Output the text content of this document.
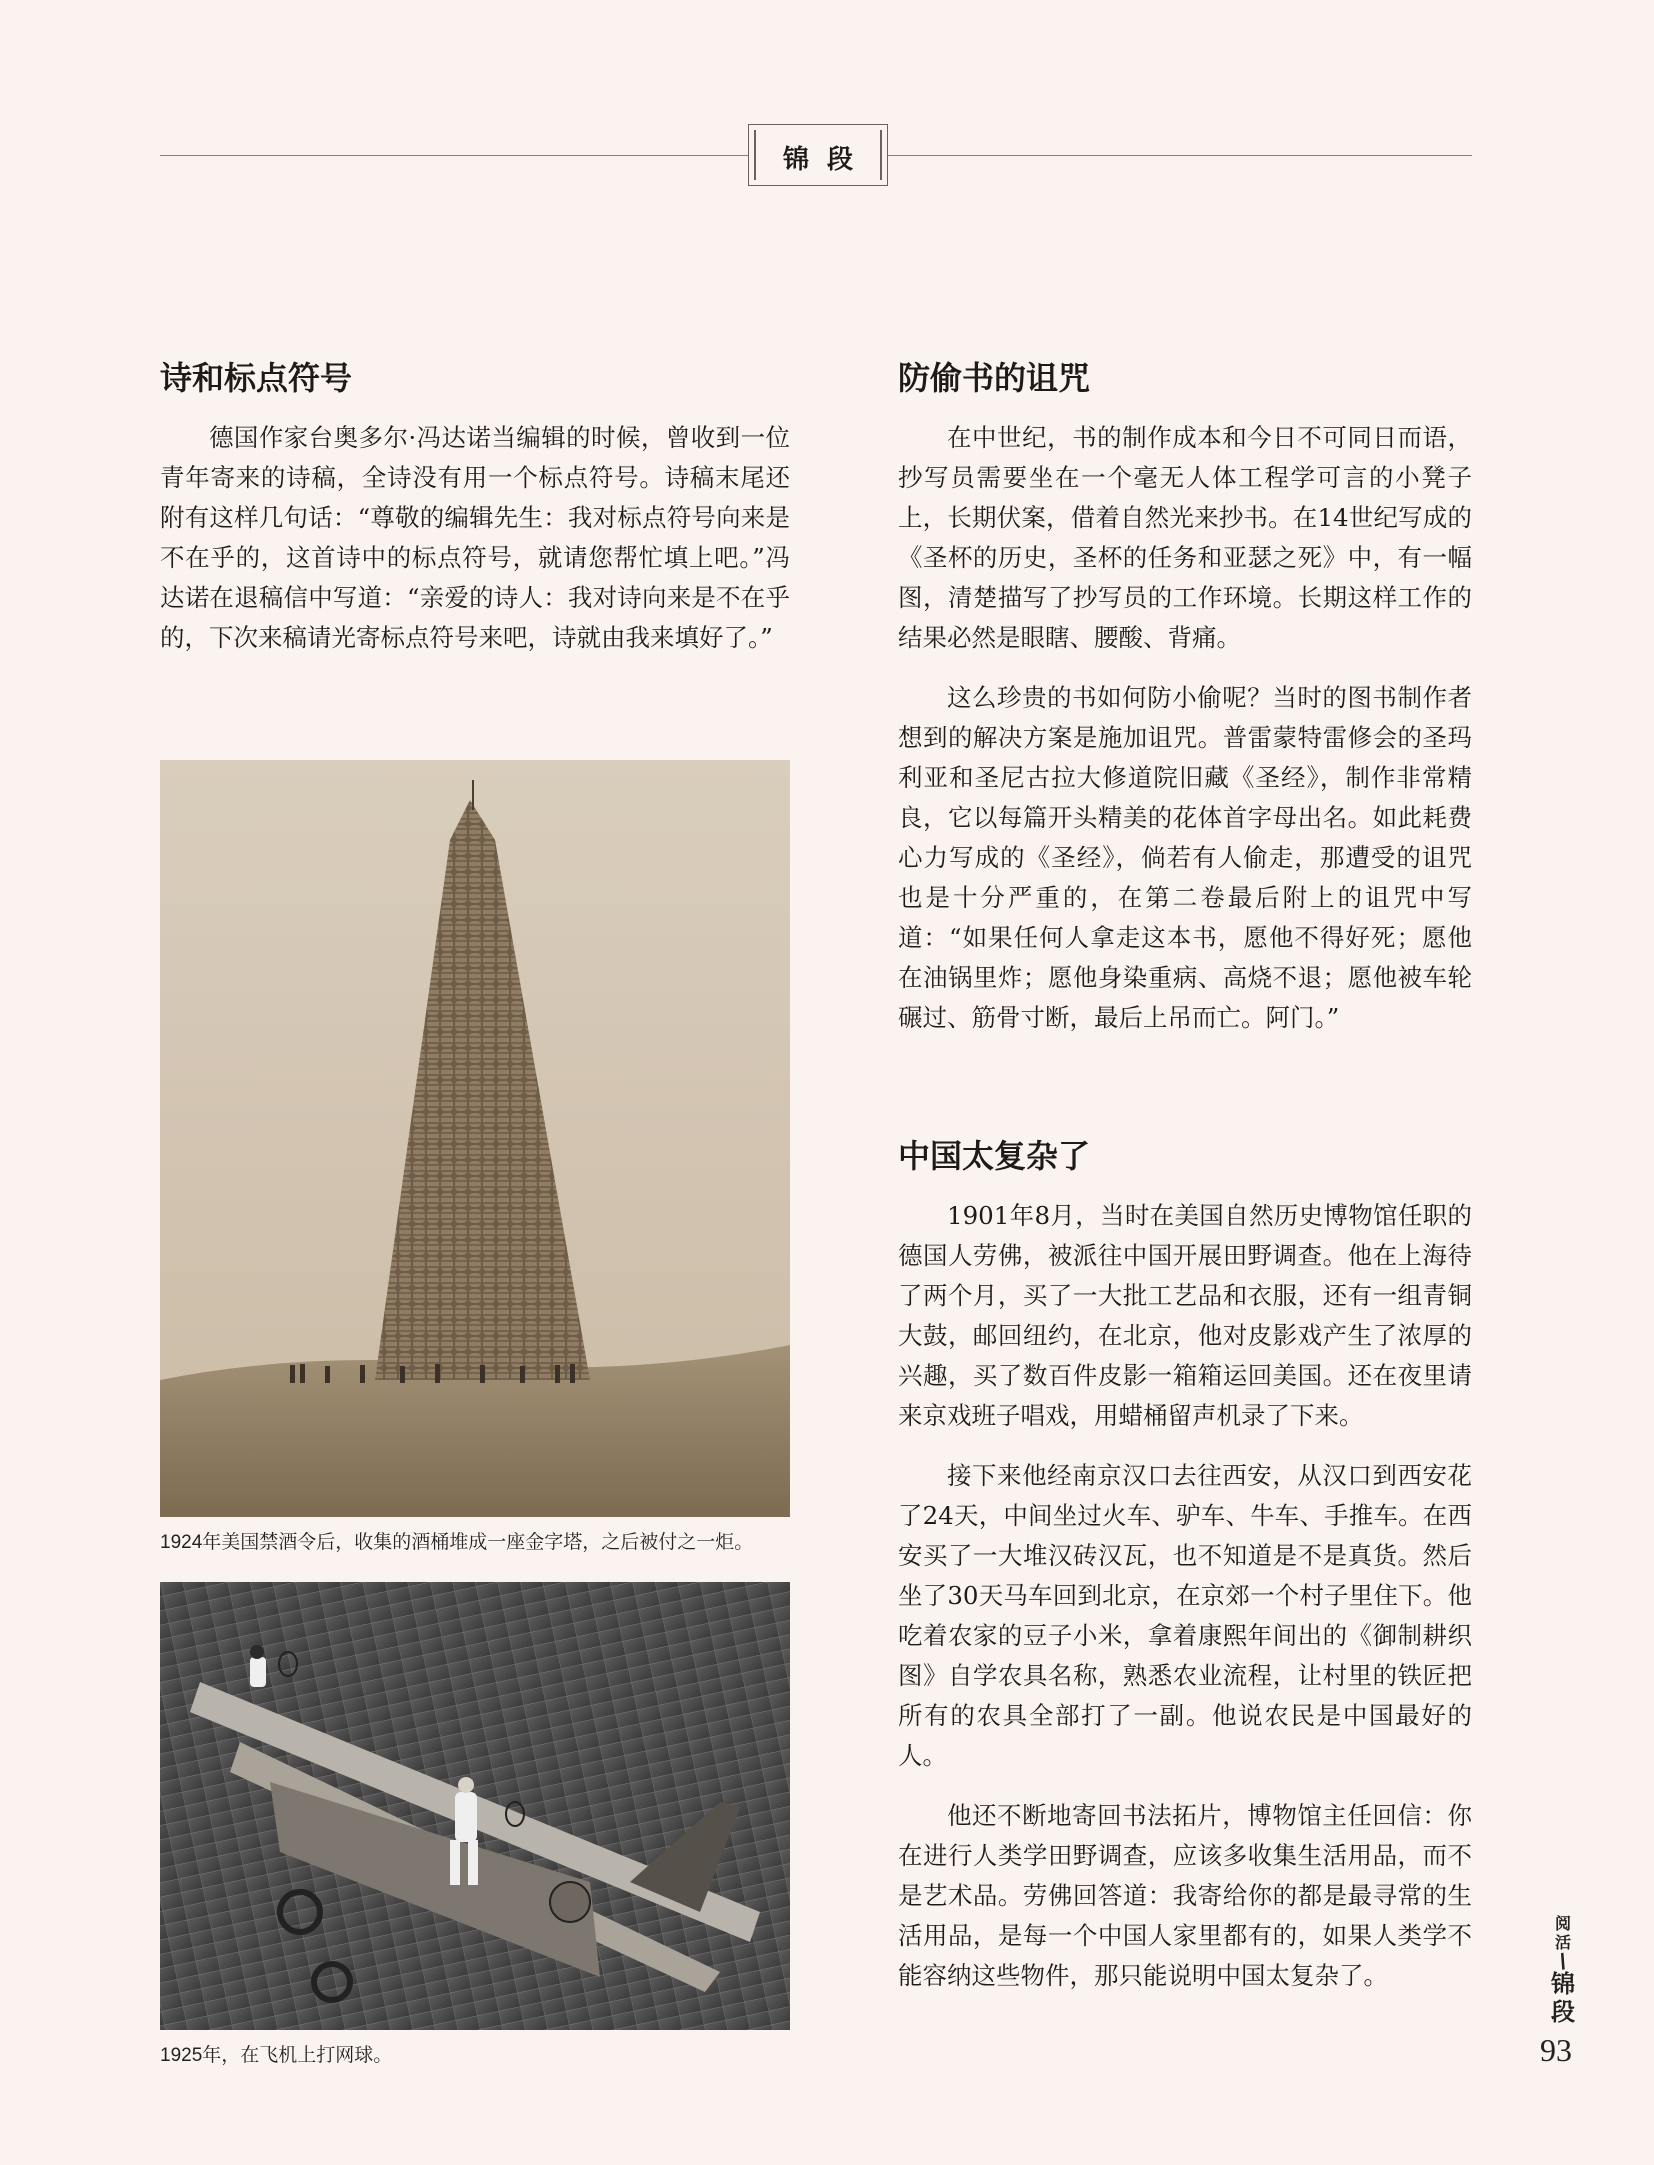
锦段
诗和标点符号

德国作家台奥多尔·冯达诺当编辑的时候，曾收到一位青年寄来的诗稿，全诗没有用一个标点符号。诗稿末尾还附有这样几句话：“尊敬的编辑先生：我对标点符号向来是不在乎的，这首诗中的标点符号，就请您帮忙填上吧。”冯达诺在退稿信中写道：“亲爱的诗人：我对诗向来是不在乎的，下次来稿请光寄标点符号来吧，诗就由我来填好了。”

1924年美国禁酒令后，收集的酒桶堆成一座金字塔，之后被付之一炬。
1925年，在飞机上打网球。
防偷书的诅咒

在中世纪，书的制作成本和今日不可同日而语，抄写员需要坐在一个毫无人体工程学可言的小凳子上，长期伏案，借着自然光来抄书。在14世纪写成的《圣杯的历史，圣杯的任务和亚瑟之死》中，有一幅图，清楚描写了抄写员的工作环境。长期这样工作的结果必然是眼瞎、腰酸、背痛。

这么珍贵的书如何防小偷呢？当时的图书制作者想到的解决方案是施加诅咒。普雷蒙特雷修会的圣玛利亚和圣尼古拉大修道院旧藏《圣经》，制作非常精良，它以每篇开头精美的花体首字母出名。如此耗费心力写成的《圣经》，倘若有人偷走，那遭受的诅咒也是十分严重的，在第二卷最后附上的诅咒中写道：“如果任何人拿走这本书，愿他不得好死；愿他在油锅里炸；愿他身染重病、高烧不退；愿他被车轮碾过、筋骨寸断，最后上吊而亡。阿门。”

中国太复杂了

1901年8月，当时在美国自然历史博物馆任职的德国人劳佛，被派往中国开展田野调查。他在上海待了两个月，买了一大批工艺品和衣服，还有一组青铜大鼓，邮回纽约，在北京，他对皮影戏产生了浓厚的兴趣，买了数百件皮影一箱箱运回美国。还在夜里请来京戏班子唱戏，用蜡桶留声机录了下来。

接下来他经南京汉口去往西安，从汉口到西安花了24天，中间坐过火车、驴车、牛车、手推车。在西安买了一大堆汉砖汉瓦，也不知道是不是真货。然后坐了30天马车回到北京，在京郊一个村子里住下。他吃着农家的豆子小米，拿着康熙年间出的《御制耕织图》自学农具名称，熟悉农业流程，让村里的铁匠把所有的农具全部打了一副。他说农民是中国最好的人。

他还不断地寄回书法拓片，博物馆主任回信：你在进行人类学田野调查，应该多收集生活用品，而不是艺术品。劳佛回答道：我寄给你的都是最寻常的生活用品，是每一个中国人家里都有的，如果人类学不能容纳这些物件，那只能说明中国太复杂了。

阅
活
/
锦
段
93
